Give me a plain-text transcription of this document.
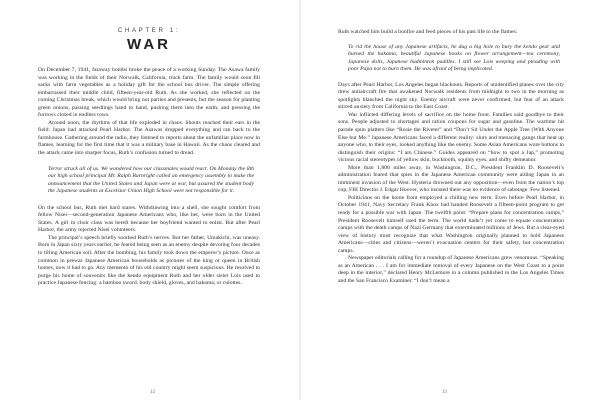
CHAPTER 1:
WAR

On December 7, 1941, faraway bombs broke the peace of a working Sunday. The Asawa family was working in the fields of their Norwalk, California, truck farm. The family would soon fill sacks with farm vegetables as a holiday gift for the school bus driver. The simple offering embarrassed their middle child, fifteen-year-old Ruth. As she worked, she reflected on the coming Christmas break, which would bring not parties and presents, but the season for planting green onions, passing seedlings hand to hand, pushing them into the earth, and pressing the furrows closed in endless rows.

Around noon, the rhythms of that life exploded in chaos. Shouts reached their ears in the field: Japan had attacked Pearl Harbor. The Asawas dropped everything and ran back to the farmhouse. Gathering around the radio, they listened to reports about the unfamiliar place now in flames, learning for the first time that it was a military base in Hawaii. As the chaos cleared and the attack came into sharper focus, Ruth’s confusion turned to dread.

Terror struck all of us. We wondered how our classmates would react. On Monday the 8th our high school principal Mr. Ralph Barnright called an emergency assembly to make the announcement that the United States and Japan were at war, but assured the student body the Japanese students at Excelsior Union High School were not responsible for it.

On the school bus, Ruth met hard stares. Withdrawing into a shell, she sought comfort from fellow Nisei—second-generation Japanese Americans who, like her, were born in the United States. A girl in choir class was bereft because her boyfriend wanted to enlist. But after Pearl Harbor, the army rejected Nisei volunteers.

The principal’s speech briefly soothed Ruth’s nerves. But her father, Umakichi, was uneasy. Born in Japan sixty years earlier, he feared being seen as an enemy despite devoting four decades to tilling American soil. After the bombing, his family took down the emperor’s picture. Once as common in prewar Japanese American households as pictures of the king or queen in British homes, now it had to go. Any memento of his old country might seem suspicious. He resolved to purge his home of souvenirs like the kendo equipment Ruth and her older sister Lois used to practice Japanese fencing: a bamboo sword, body shield, gloves, and hakama, or culottes.

Ruth watched him build a bonfire and feed pieces of his past life to the flames:

To rid the house of any Japanese artifacts, he dug a big hole to bury the kendo gear and burned the hakama, beautiful Japanese books on flower arrangement—tea ceremony, Japanese dolls, Japanese badminton paddles. I still see Lois weeping and pleading with poor Papa not to burn them. He was afraid of being implicated.

Days after Pearl Harbor, Los Angeles began blackouts. Reports of unidentified planes over the city drew antiaircraft fire that awakened Norwalk residents from midnight to two in the morning as spotlights blanched the night sky. Enemy aircraft were never confirmed, but fear of an attack stirred anxiety from California to the East Coast.

War inflicted differing levels of sacrifice on the home front. Families said goodbye to their sons. People adjusted to shortages and ration coupons for sugar and gasoline. The wartime hit parade spun platters like “Rosie the Riveter” and “Don’t Sit Under the Apple Tree (With Anyone Else but Me.” Japanese Americans faced a different reality: slurs and menacing gangs that beat up anyone who, to their eyes, looked anything like the enemy. Some Asian Americans wore buttons to distinguish their origins: “I am Chinese.” Guides appeared on “how to spot a Jap,” promoting vicious racial stereotypes of yellow skin, bucktooth, squinty eyes, and shifty demeanor.

More than 1,800 miles away, in Washington, D.C., President Franklin D. Roosevelt’s administration feared that spies in the Japanese American community were aiding Japan in an imminent invasion of the West. Hysteria drowned out any opposition—even from the nation’s top cop, FBI Director J. Edgar Hoover, who insisted there was no evidence of sabotage. Few listened.

Politicians on the home front employed a chilling new term. Even before Pearl Harbor, in October 1941, Navy Secretary Frank Knox had handed Roosevelt a fifteen-point program to get ready for a possible war with Japan. The twelfth point: “Prepare plans for concentration camps,” President Roosevelt himself used the term. The world hadn’t yet come to equate concentration camps with the death camps of Nazi Germany that exterminated millions of Jews. But a clear-eyed view of history must recognize that what Washington originally planned to hold Japanese Americans—cities and citizens—weren’t evacuation centers for their safety, but concentration camps.

Newspaper editorials calling for a roundup of Japanese Americans grew venomous. “Speaking as an American . . . I am for immediate removal of every Japanese on the West Coast to a point deep in the interior,” declared Henry McLemore in a column published in the Los Angeles Times and the San Francisco Examiner. “I don’t mean a

12	13
